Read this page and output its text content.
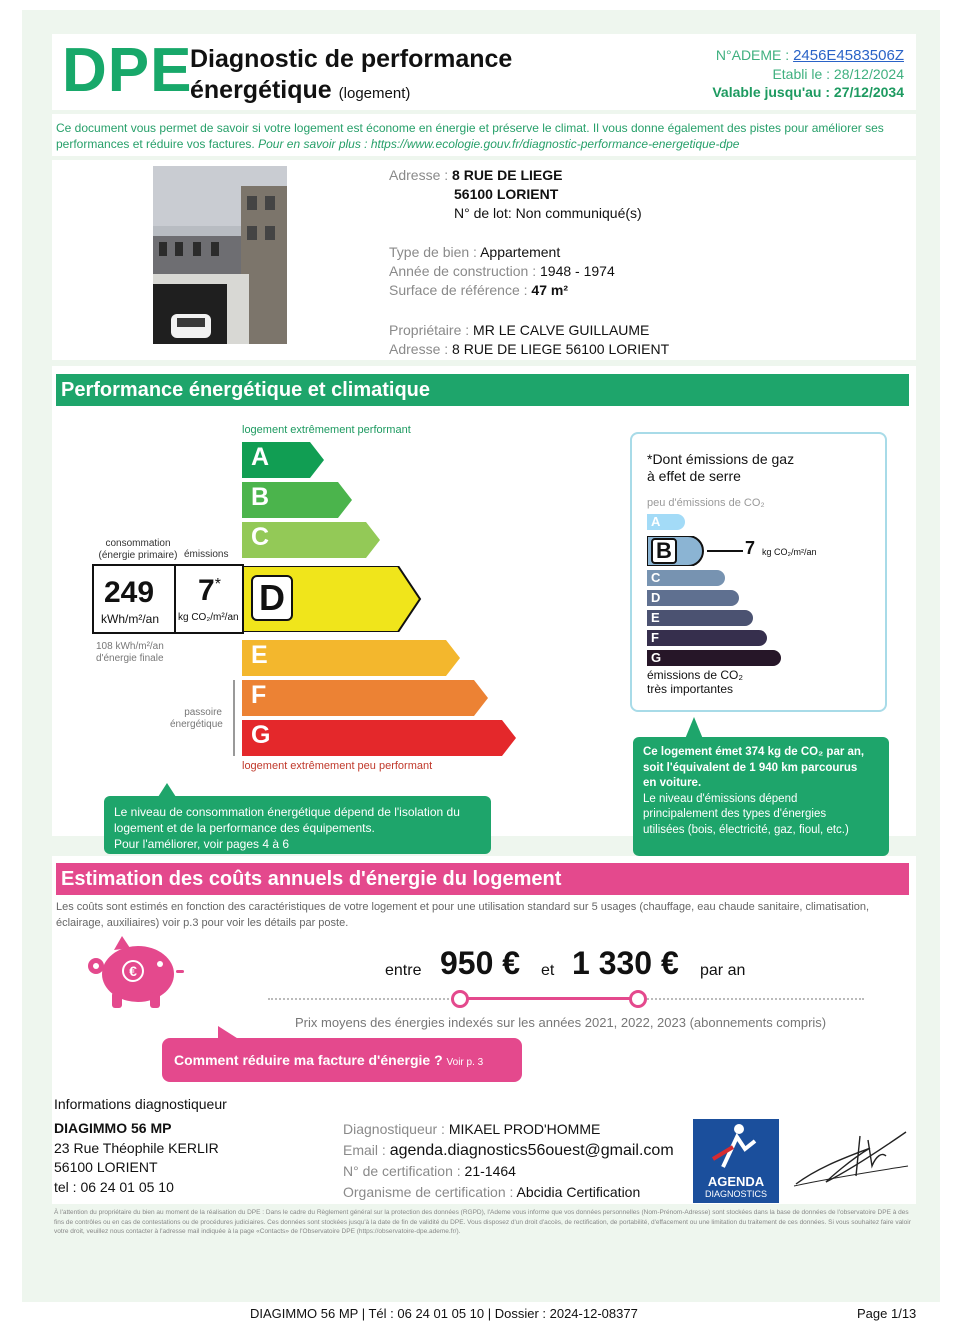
DPE
Diagnostic de performance
énergétique (logement)
N°ADEME : 2456E4583506Z
Etabli le : 28/12/2024
Valable jusqu'au : 27/12/2034
Ce document vous permet de savoir si votre logement est économe en énergie et préserve le climat. Il vous donne également des pistes pour améliorer ses performances et réduire vos factures. Pour en savoir plus : https://www.ecologie.gouv.fr/diagnostic-performance-energetique-dpe
Adresse : 8 RUE DE LIEGE
56100 LORIENT
N° de lot: Non communiqué(s)
Type de bien : Appartement
Année de construction : 1948 - 1974
Surface de référence : 47 m²
Propriétaire : MR LE CALVE GUILLAUME
Adresse : 8 RUE DE LIEGE 56100 LORIENT
Performance énergétique et climatique
logement extrêmement performant
logement extrêmement peu performant
A
B
C
D
E
F
G
consommation
(énergie primaire) émissions
249
kWh/m²/an
7*
kg CO₂/m²/an
108 kWh/m²/an
d'énergie finale
passoire
énergétique
Le niveau de consommation énergétique dépend de l'isolation du
logement et de la performance des équipements.
Pour l'améliorer, voir pages 4 à 6
*Dont émissions de gaz
à effet de serre
peu d'émissions de CO₂
A
B
C
D
E
F
G
7 kg CO₂/m²/an
émissions de CO₂
très importantes
Ce logement émet 374 kg de CO₂ par an,
soit l'équivalent de 1 940 km parcourus
en voiture.
Le niveau d'émissions dépend
principalement des types d'énergies
utilisées (bois, électricité, gaz, fioul, etc.)
Estimation des coûts annuels d'énergie du logement
Les coûts sont estimés en fonction des caractéristiques de votre logement et pour une utilisation standard sur 5 usages (chauffage, eau chaude sanitaire, climatisation, éclairage, auxiliaires) voir p.3 pour voir les détails par poste.
€	entre 950 € et 1 330 € par an
Prix moyens des énergies indexés sur les années 2021, 2022, 2023 (abonnements compris)
Comment réduire ma facture d'énergie ? Voir p. 3
Informations diagnostiqueur
DIAGIMMO 56 MP
23 Rue Théophile KERLIR
56100 LORIENT
tel : 06 24 01 05 10
Diagnostiqueur : MIKAEL PROD'HOMME
Email : agenda.diagnostics56ouest@gmail.com
N° de certification : 21-1464
Organisme de certification : Abcidia Certification
AGENDA
DIAGNOSTICS
À l'attention du propriétaire du bien au moment de la réalisation du DPE : Dans le cadre du Règlement général sur la protection des données (RGPD), l'Ademe vous informe que vos données personnelles (Nom-Prénom-Adresse) sont stockées dans la base de données de l'observatoire DPE à des fins de contrôles ou en cas de contestations ou de procédures judiciaires. Ces données sont stockées jusqu'à la date de fin de validité du DPE. Vous disposez d'un droit d'accès, de rectification, de portabilité, d'effacement ou une limitation du traitement de ces données. Si vous souhaitez faire valoir votre droit, veuillez nous contacter à l'adresse mail indiquée à la page «Contacts» de l'Observatoire DPE (https://observatoire-dpe.ademe.fr/).
DIAGIMMO 56 MP | Tél : 06 24 01 05 10 | Dossier : 2024-12-08377	Page 1/13
